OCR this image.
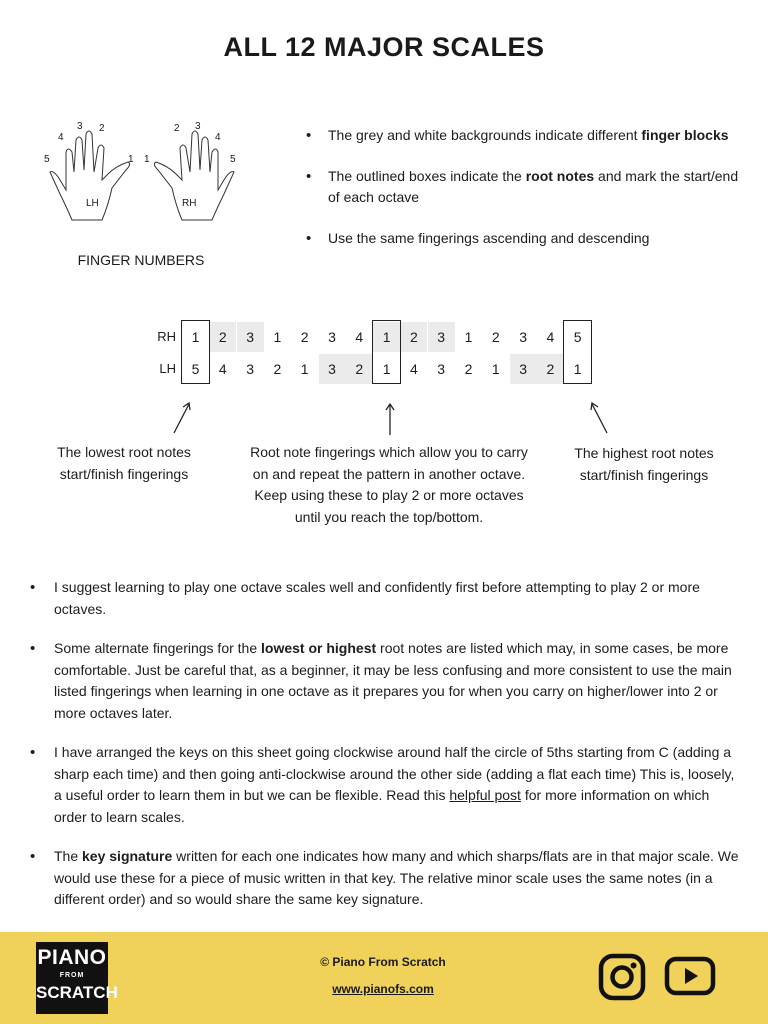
ALL 12 MAJOR SCALES
5
4
3 2
1 1
2 3
4
5
LH	RH
FINGER NUMBERS
• The grey and white backgrounds indicate different finger blocks
• The outlined boxes indicate the root notes and mark the start/end of each octave
• Use the same fingerings ascending and descending
RH
LH
1	2	3	1	2	3	4	1	2	3	1	2	3	4	5
5	4	3	2	1	3	2	1	4	3	2	1	3	2	1
The lowest root notes start/finish fingerings
Root note fingerings which allow you to carry on and repeat the pattern in another octave. Keep using these to play 2 or more octaves until you reach the top/bottom.
The highest root notes start/finish fingerings
• I suggest learning to play one octave scales well and confidently first before attempting to play 2 or more octaves.
• Some alternate fingerings for the lowest or highest root notes are listed which may, in some cases, be more comfortable. Just be careful that, as a beginner, it may be less confusing and more consistent to use the main listed fingerings when learning in one octave as it prepares you for when you carry on higher/lower into 2 or more octaves later.
• I have arranged the keys on this sheet going clockwise around half the circle of 5ths starting from C (adding a sharp each time) and then going anti-clockwise around the other side (adding a flat each time) This is, loosely, a useful order to learn them in but we can be flexible. Read this helpful post for more information on which order to learn scales.
• The key signature written for each one indicates how many and which sharps/flats are in that major scale. We would use these for a piece of music written in that key. The relative minor scale uses the same notes (in a different order) and so would share the same key signature.
PIANO
FROM
SCRATCH
© Piano From Scratch
www.pianofs.com
